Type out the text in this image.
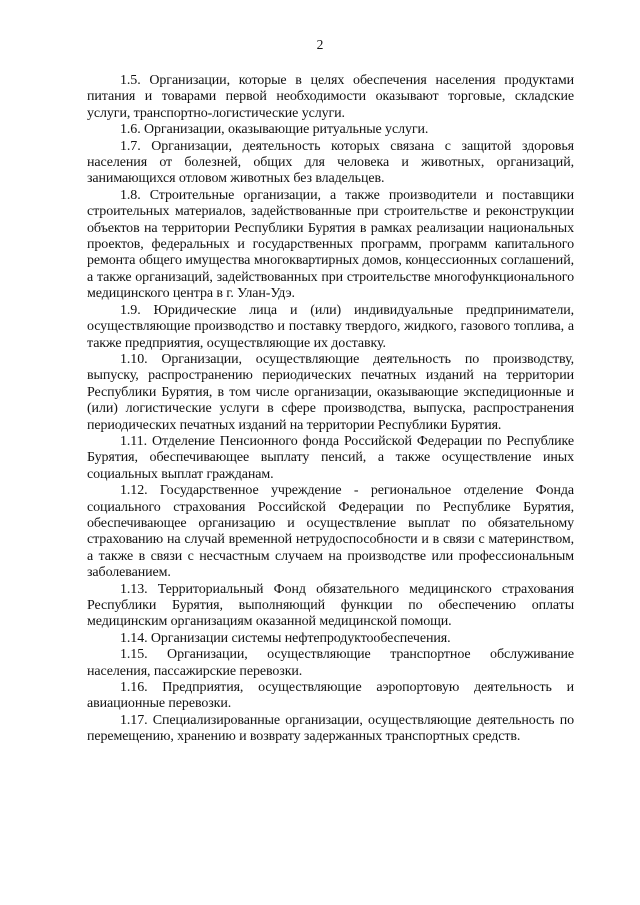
2

1.5. Организации, которые в целях обеспечения населения продуктами питания и товарами первой необходимости оказывают торговые, складские услуги, транспортно-логистические услуги.

1.6. Организации, оказывающие ритуальные услуги.

1.7. Организации, деятельность которых связана с защитой здоровья населения от болезней, общих для человека и животных, организаций, занимающихся отловом животных без владельцев.

1.8. Строительные организации, а также производители и поставщики строительных материалов, задействованные при строительстве и реконструкции объектов на территории Республики Бурятия в рамках реализации национальных проектов, федеральных и государственных программ, программ капитального ремонта общего имущества многоквартирных домов, концессионных соглашений, а также организаций, задействованных при строительстве многофункционального медицинского центра в г. Улан-Удэ.

1.9. Юридические лица и (или) индивидуальные предприниматели, осуществляющие производство и поставку твердого, жидкого, газового топлива, а также предприятия, осуществляющие их доставку.

1.10. Организации, осуществляющие деятельность по производству, выпуску, распространению периодических печатных изданий на территории Республики Бурятия, в том числе организации, оказывающие экспедиционные и (или) логистические услуги в сфере производства, выпуска, распространения периодических печатных изданий на территории Республики Бурятия.

1.11. Отделение Пенсионного фонда Российской Федерации по Республике Бурятия, обеспечивающее выплату пенсий, а также осуществление иных социальных выплат гражданам.

1.12. Государственное учреждение - региональное отделение Фонда социального страхования Российской Федерации по Республике Бурятия, обеспечивающее организацию и осуществление выплат по обязательному страхованию на случай временной нетрудоспособности и в связи с материнством, а также в связи с несчастным случаем на производстве или профессиональным заболеванием.

1.13. Территориальный Фонд обязательного медицинского страхования Республики Бурятия, выполняющий функции по обеспечению оплаты медицинским организациям оказанной медицинской помощи.

1.14. Организации системы нефтепродуктообеспечения.

1.15. Организации, осуществляющие транспортное обслуживание населения, пассажирские перевозки.

1.16. Предприятия, осуществляющие аэропортовую деятельность и авиационные перевозки.

1.17. Специализированные организации, осуществляющие деятельность по перемещению, хранению и возврату задержанных транспортных средств.
